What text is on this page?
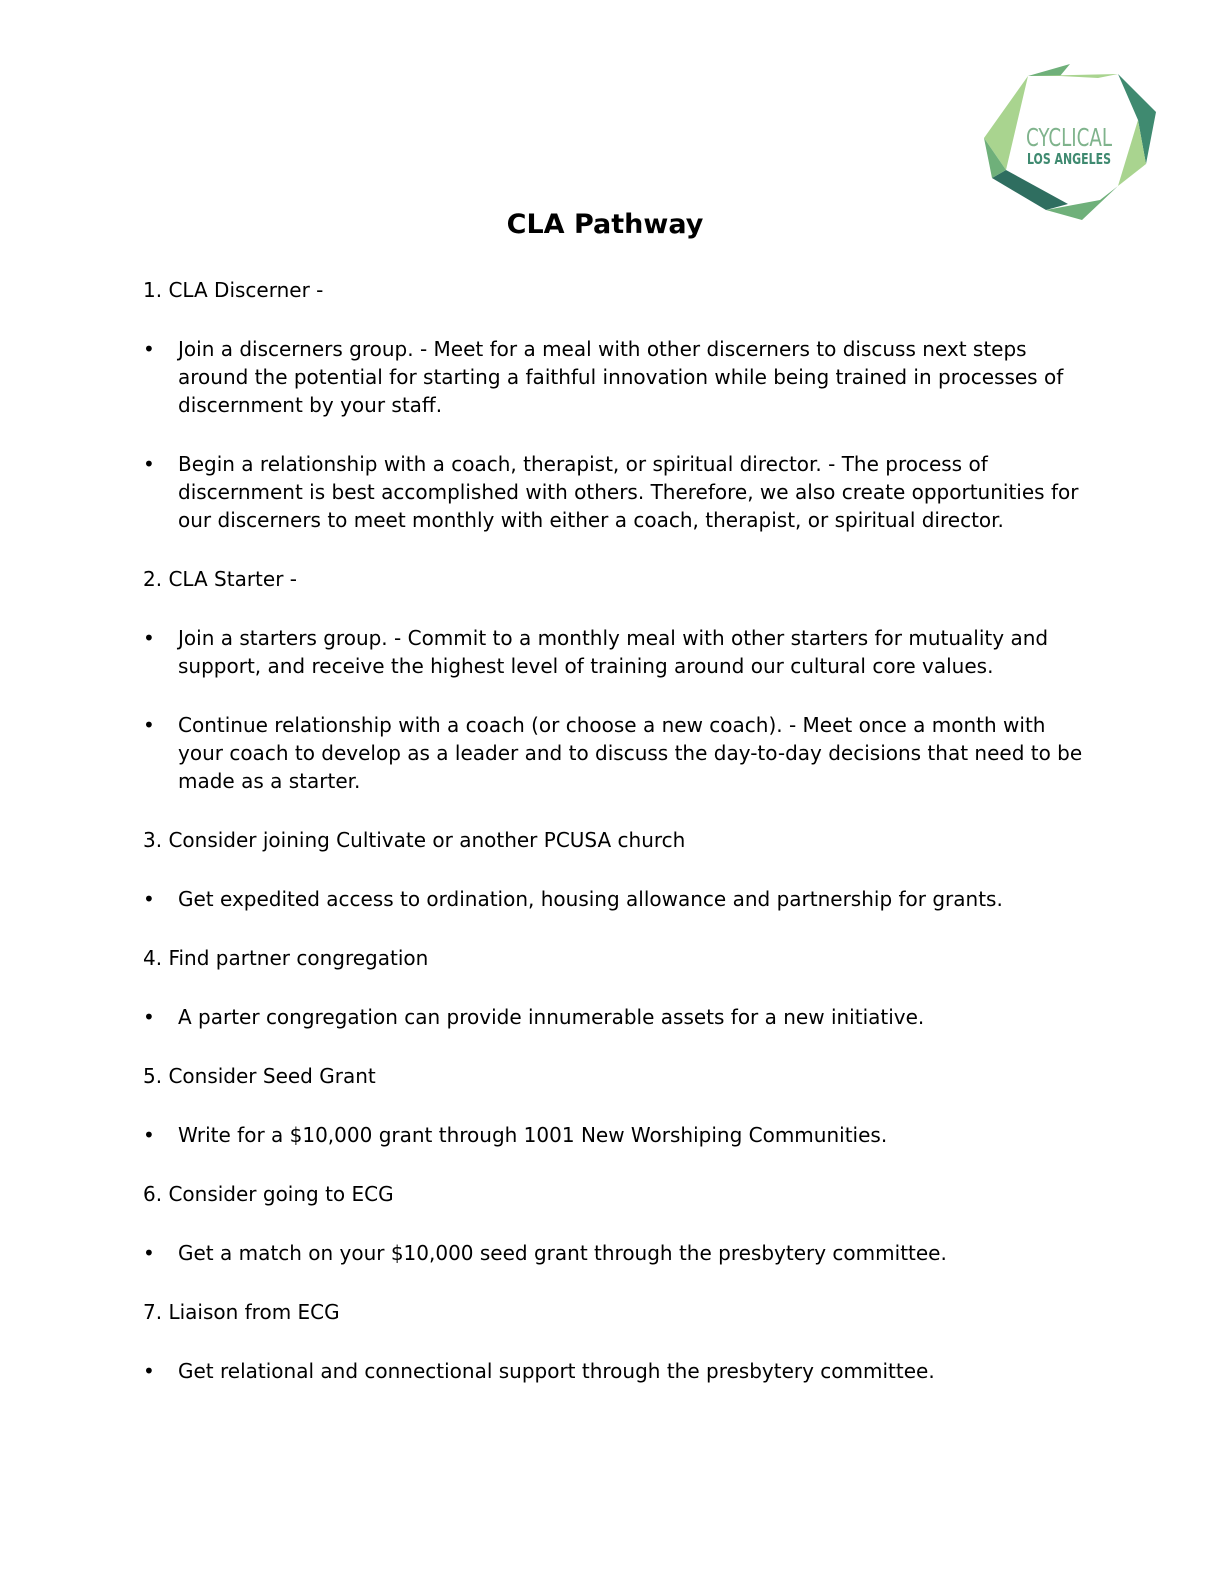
CYCLICAL
LOS ANGELES
CLA Pathway
1. CLA Discerner -
• Join a discerners group. - Meet for a meal with other discerners to discuss next steps around the potential for starting a faithful innovation while being trained in processes of discernment by your staff.
• Begin a relationship with a coach, therapist, or spiritual director. - The process of discernment is best accomplished with others. Therefore, we also create opportunities for our discerners to meet monthly with either a coach, therapist, or spiritual director.
2. CLA Starter -
• Join a starters group. - Commit to a monthly meal with other starters for mutuality and support, and receive the highest level of training around our cultural core values.
• Continue relationship with a coach (or choose a new coach). - Meet once a month with your coach to develop as a leader and to discuss the day-to-day decisions that need to be made as a starter.
3. Consider joining Cultivate or another PCUSA church
• Get expedited access to ordination, housing allowance and partnership for grants.
4. Find partner congregation
• A parter congregation can provide innumerable assets for a new initiative.
5. Consider Seed Grant
• Write for a $10,000 grant through 1001 New Worshiping Communities.
6. Consider going to ECG
• Get a match on your $10,000 seed grant through the presbytery committee.
7. Liaison from ECG
• Get relational and connectional support through the presbytery committee.
